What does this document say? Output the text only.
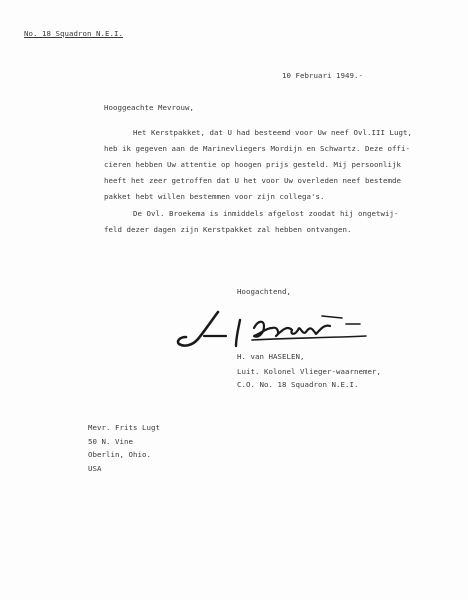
No. 18 Squadron N.E.I.
10 Februari 1949.-
Hooggeachte Mevrouw,
Het Kerstpakket, dat U had besteemd voor Uw neef Ovl.III Lugt,
heb ik gegeven aan de Marinevliegers Mordijn en Schwartz. Deze offi-
cieren hebben Uw attentie op hoogen prijs gesteld. Mij persoonlijk
heeft het zeer getroffen dat U het voor Uw overleden neef bestemde
pakket hebt willen bestemmen voor zijn collega's.
De Ovl. Broekema is inmiddels afgelost zoodat hij ongetwij-
feld dezer dagen zijn Kerstpakket zal hebben ontvangen.
Hoogachtend,
H. van HASELEN,
Luit. Kolonel Vlieger-waarnemer,
C.O. No. 18 Squadron N.E.I.
Mevr. Frits Lugt
50 N. Vine
Oberlin, Ohio.
USA
